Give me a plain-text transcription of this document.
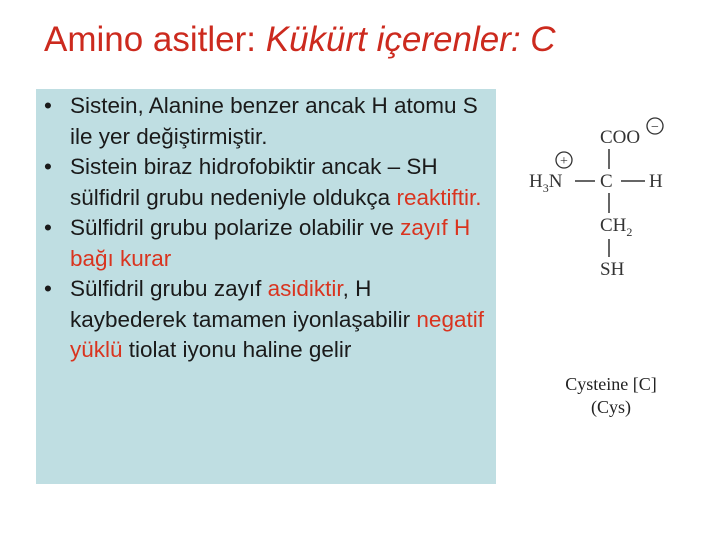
Amino asitler: Kükürt içerenler: C
• Sistein, Alanine benzer ancak H atomu S ile yer değiştirmiştir.
• Sistein biraz hidrofobiktir ancak – SH sülfidril grubu nedeniyle oldukça reaktiftir.
• Sülfidril grubu polarize olabilir ve zayıf H bağı kurar
• Sülfidril grubu zayıf asidiktir, H kaybederek tamamen iyonlaşabilir negatif yüklü tiolat iyonu haline gelir
COO −
+
$H_3N$ C H
$CH_2$
SH
Cysteine [C]
(Cys)
